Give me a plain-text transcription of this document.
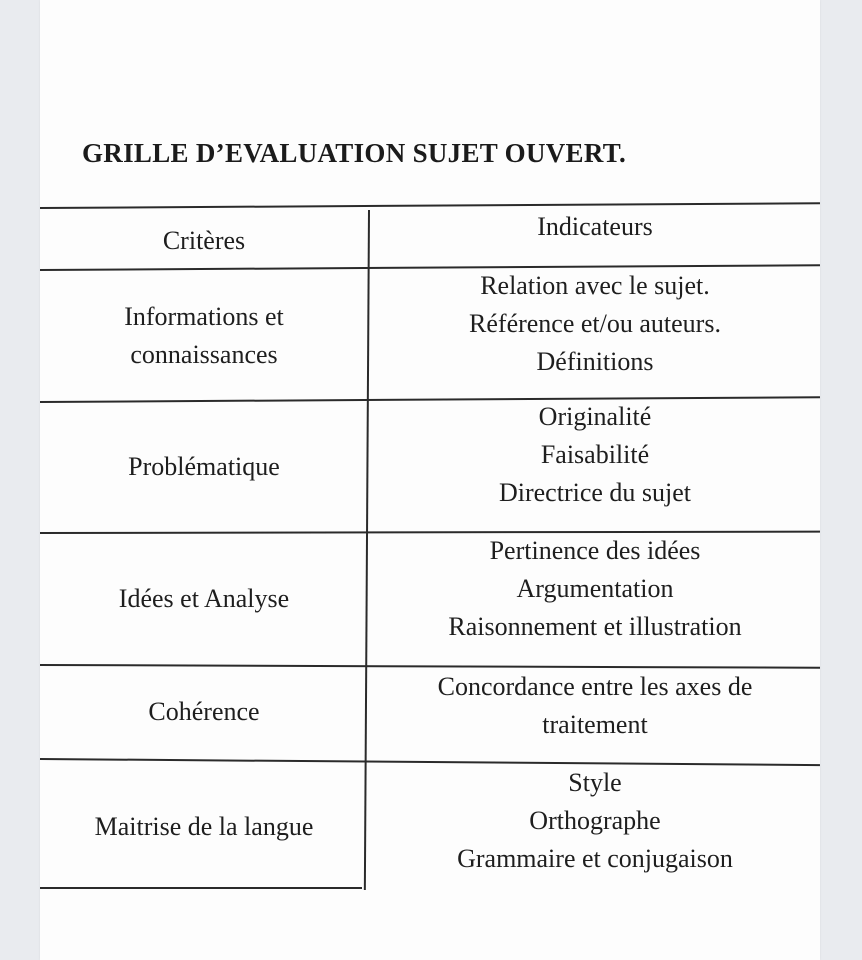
GRILLE D’EVALUATION SUJET OUVERT.
Critères	Indicateurs
Informations et
connaissances
Relation avec le sujet.
Référence et/ou auteurs.
Définitions
Problématique
Originalité
Faisabilité
Directrice du sujet
Idées et Analyse
Pertinence des idées
Argumentation
Raisonnement et illustration
Cohérence
Concordance entre les axes de
traitement
Maitrise de la langue
Style
Orthographe
Grammaire et conjugaison
